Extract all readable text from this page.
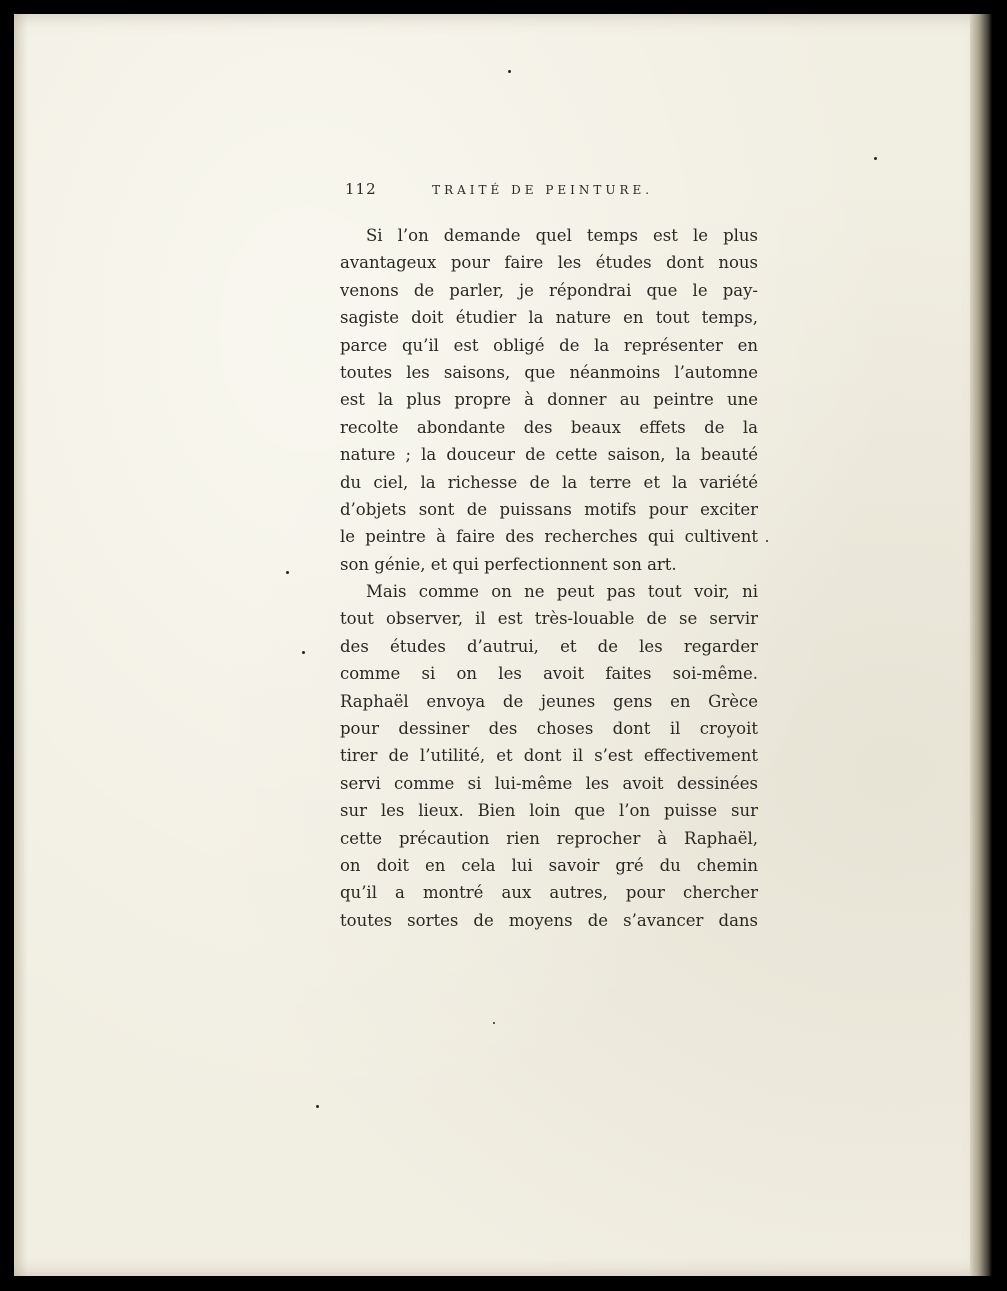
112	TRAITÉ DE PEINTURE.
Si l’on demande quel temps est le plus
avantageux pour faire les études dont nous
venons de parler, je répondrai que le pay-
sagiste doit étudier la nature en tout temps,
parce qu’il est obligé de la représenter en
toutes les saisons, que néanmoins l’automne
est la plus propre à donner au peintre une
recolte abondante des beaux effets de la
nature ; la douceur de cette saison, la beauté
du ciel, la richesse de la terre et la variété
d’objets sont de puissans motifs pour exciter
le peintre à faire des recherches qui cultivent
son génie, et qui perfectionnent son art.
Mais comme on ne peut pas tout voir, ni
tout observer, il est très-louable de se servir
des études d’autrui, et de les regarder
comme si on les avoit faites soi-même.
Raphaël envoya de jeunes gens en Grèce
pour dessiner des choses dont il croyoit
tirer de l’utilité, et dont il s’est effectivement
servi comme si lui-même les avoit dessinées
sur les lieux. Bien loin que l’on puisse sur
cette précaution rien reprocher à Raphaël,
on doit en cela lui savoir gré du chemin
qu’il a montré aux autres, pour chercher
toutes sortes de moyens de s’avancer dans
